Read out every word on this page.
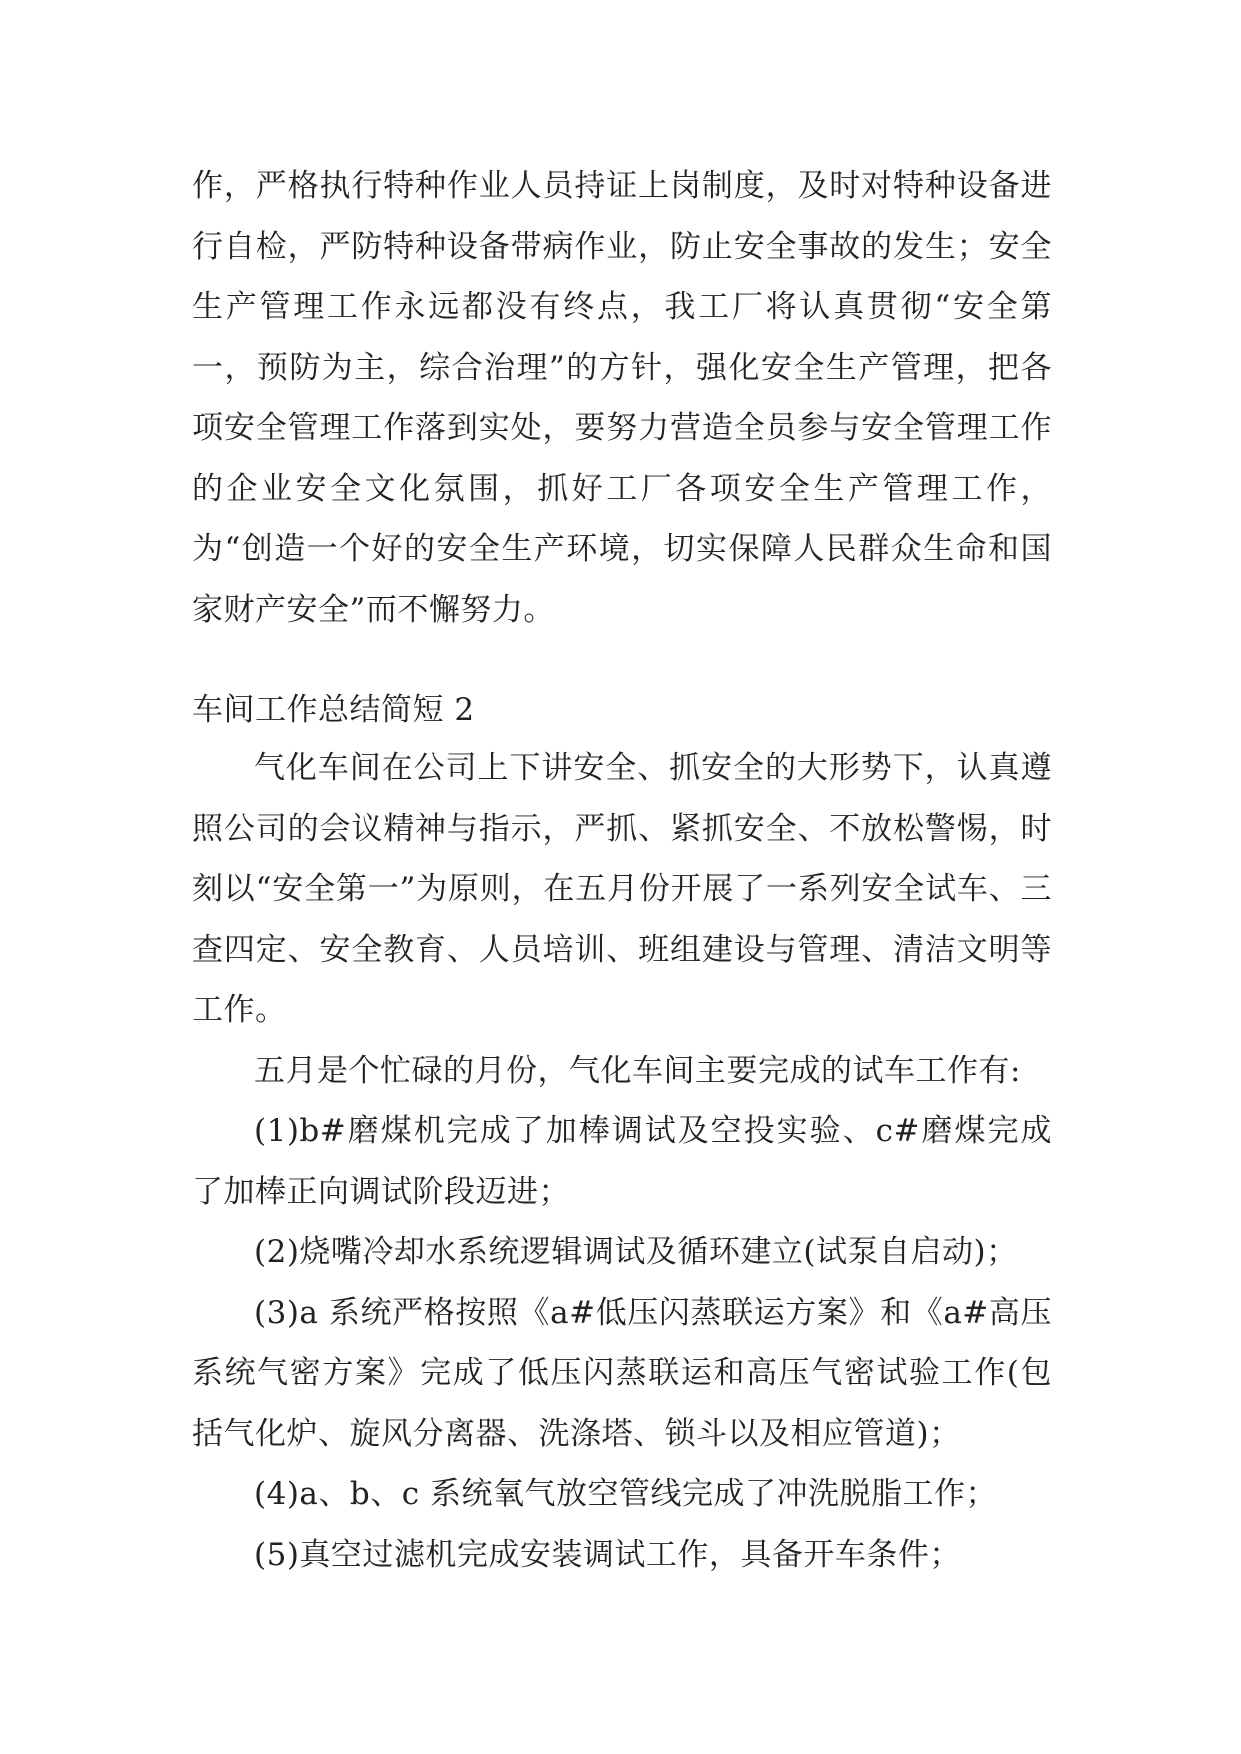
作，严格执行特种作业人员持证上岗制度，及时对特种设备进行自检，严防特种设备带病作业，防止安全事故的发生；安全生产管理工作永远都没有终点，我工厂将认真贯彻“安全第一，预防为主，综合治理”的方针，强化安全生产管理，把各项安全管理工作落到实处，要努力营造全员参与安全管理工作的企业安全文化氛围，抓好工厂各项安全生产管理工作，为“创造一个好的安全生产环境，切实保障人民群众生命和国家财产安全”而不懈努力。

车间工作总结简短 2

气化车间在公司上下讲安全、抓安全的大形势下，认真遵照公司的会议精神与指示，严抓、紧抓安全、不放松警惕，时刻以“安全第一”为原则，在五月份开展了一系列安全试车、三查四定、安全教育、人员培训、班组建设与管理、清洁文明等工作。

五月是个忙碌的月份，气化车间主要完成的试车工作有:

(1)b#磨煤机完成了加棒调试及空投实验、c#磨煤完成了加棒正向调试阶段迈进；

(2)烧嘴冷却水系统逻辑调试及循环建立(试泵自启动)；

(3)a 系统严格按照《a#低压闪蒸联运方案》和《a#高压系统气密方案》完成了低压闪蒸联运和高压气密试验工作(包括气化炉、旋风分离器、洗涤塔、锁斗以及相应管道)；

(4)a、b、c 系统氧气放空管线完成了冲洗脱脂工作；

(5)真空过滤机完成安装调试工作，具备开车条件；
